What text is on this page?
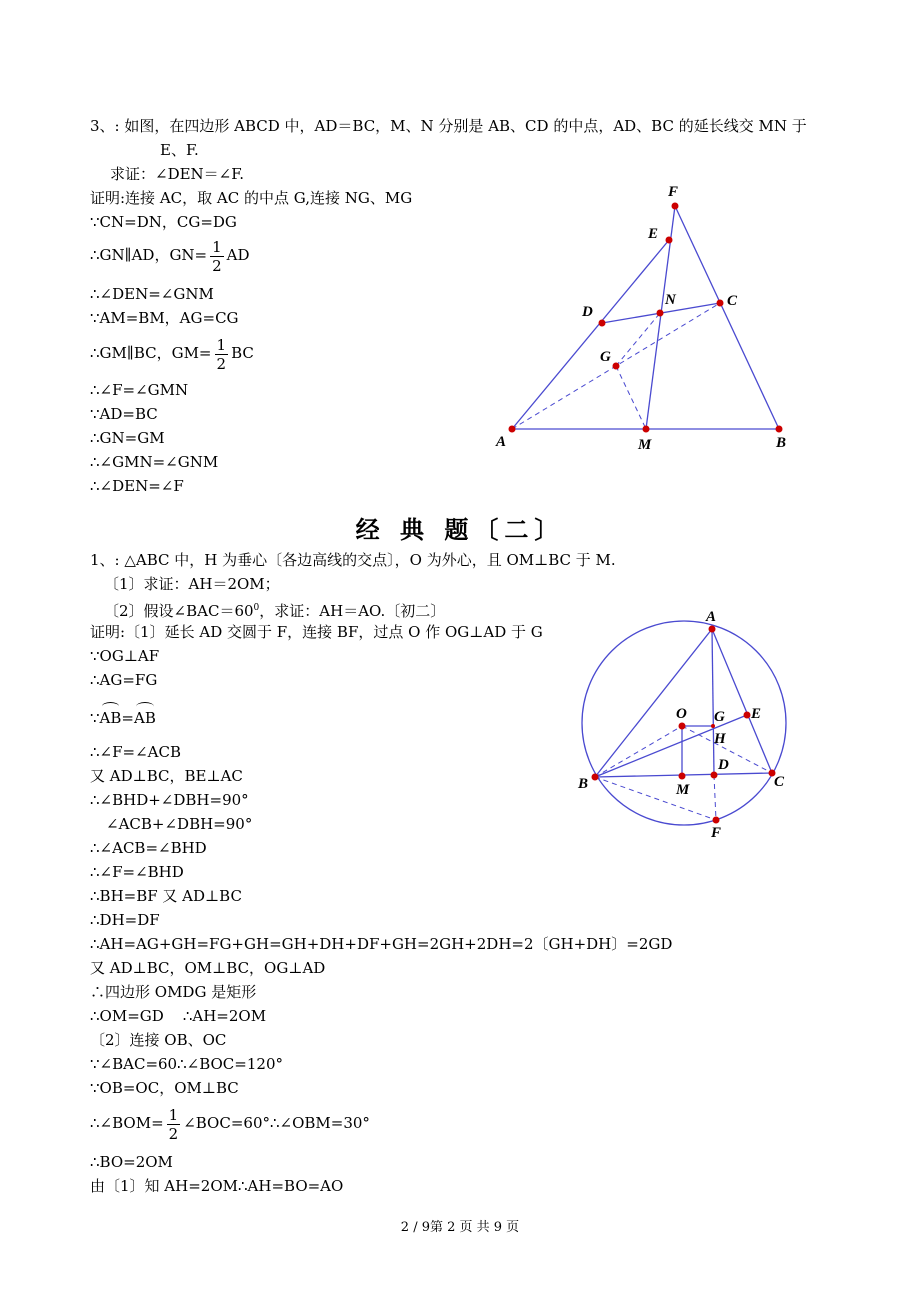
3、: 如图，在四边形 ABCD 中，AD＝BC，M、N 分别是 AB、CD 的中点，AD、BC 的延长线交 MN 于
E、F.
求证：∠DEN＝∠F.
证明:连接 AC，取 AC 的中点 G,连接 NG、MG
∵CN=DN，CG=DG
∴GN∥AD，$GN= \frac{1}{2}$ AD
∴∠DEN=∠GNM
∵AM=BM，AG=CG
∴GM∥BC，$GM= \frac{1}{2}$ BC
∴∠F=∠GMN
∵AD=BC
∴GN=GM
∴∠GMN=∠GNM
∴∠DEN=∠F
F
E
D
N	C
G
A	M	B
经 典 题〔二〕
1、: △ABC 中，H 为垂心〔各边高线的交点〕，O 为外心，且 OM⊥BC 于 M.
〔1〕求证：AH＝2OM；
〔2〕假设$\angle BAC=60^0$，求证：AH＝AO.〔初二〕
证明:〔1〕延长 AD 交圆于 F，连接 BF，过点 O 作 OG⊥AD 于 G
∵OG⊥AF
∴AG=FG
∵AB=AB
∴∠F=∠ACB
又 AD⊥BC，BE⊥AC
∴∠BHD+∠DBH=90°
∠ACB+∠DBH=90°
∴∠ACB=∠BHD
∴∠F=∠BHD
∴BH=BF 又 AD⊥BC
∴DH=DF
∴AH=AG+GH=FG+GH=GH+DH+DF+GH=2GH+2DH=2〔GH+DH〕=2GD
又 AD⊥BC，OM⊥BC，OG⊥AD
∴四边形 OMDG 是矩形
∴OM=GD    ∴AH=2OM
〔2〕连接 OB、OC
∵∠BAC=60∴∠BOC=120°
∵OB=OC，OM⊥BC
∴∠BOM= $\frac{1}{2}$ ∠BOC=60°∴∠OBM=30°
∴BO=2OM
由〔1〕知 AH=2OM∴AH=BO=AO
A
O G E
H
D
B	M	C
F
2 / 9第 2 页 共 9 页
